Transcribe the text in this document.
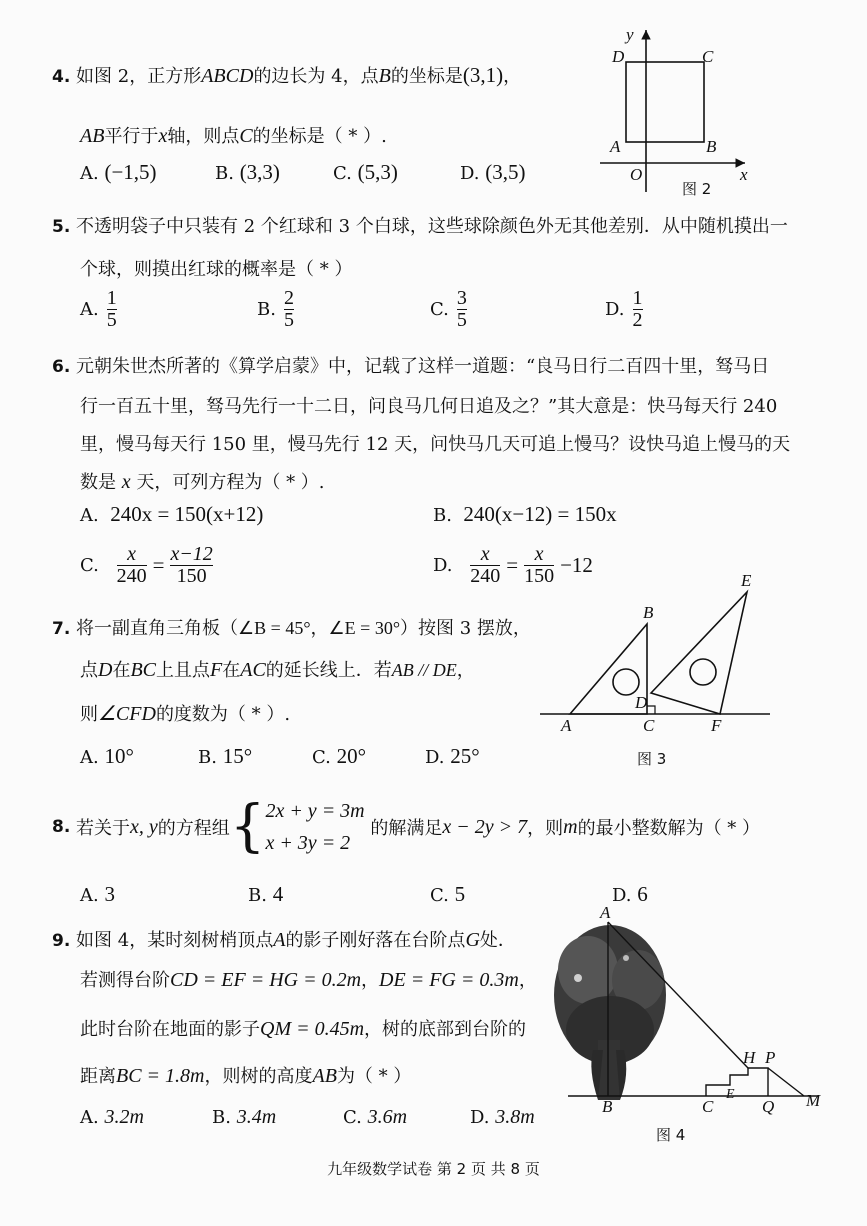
4. 如图 2，正方形ABCD的边长为 4，点B的坐标是(3,1)，
AB平行于x轴，则点C的坐标是（ * ）.
A. (−1,5)	B. (3,3)	C. (5,3)	D. (3,5)
y
x
O
A	B
C
D
图 2
5. 不透明袋子中只装有 2 个红球和 3 个白球，这些球除颜色外无其他差别．从中随机摸出一
个球，则摸出红球的概率是（ * ）
A. $\frac{1}{5}$	B. $\frac{2}{5}$	C. $\frac{3}{5}$	D. $\frac{1}{2}$
6. 元朝朱世杰所著的《算学启蒙》中，记载了这样一道题：“良马日行二百四十里，驽马日
行一百五十里，驽马先行一十二日，问良马几何日追及之？”其大意是：快马每天行 240
里，慢马每天行 150 里，慢马先行 12 天，问快马几天可追上慢马？设快马追上慢马的天
数是 x 天，可列方程为（ * ）.
A. 240x = 150(x+12)	B. 240(x−12) = 150x
C.
$\frac{x}{240} = \frac{x-12}{150}$	D.
$\frac{x}{240} = \frac{x}{150} -12$
7. 将一副直角三角板（∠B = 45°，∠E = 30°）按图 3 摆放，
点D在BC上且点F在AC的延长线上．若AB // DE，
则∠CFD的度数为（ * ）.
A. 10°	B. 15°	C. 20°	D. 25°
A
B
C
D
E
F
图 3
8.
若关于 x, y 的方程组 { 2x + y = 3m
x + 3y = 2

的解满足 x − 2y > 7 ，则 m 的最小整数解为（ * ）
A. 3	B. 4	C. 5	D. 6
9. 如图 4，某时刻树梢顶点A的影子刚好落在台阶点G处．
若测得台阶CD = EF = HG = 0.2m，DE = FG = 0.3m，
此时台阶在地面的影子QM = 0.45m，树的底部到台阶的
距离BC = 1.8m，则树的高度AB为（ * ）
A. 3.2m	B. 3.4m	C. 3.6m	D. 3.8m
A
B	C
E
H P
Q M
图 4
九年级数学试卷 第 2 页 共 8 页
